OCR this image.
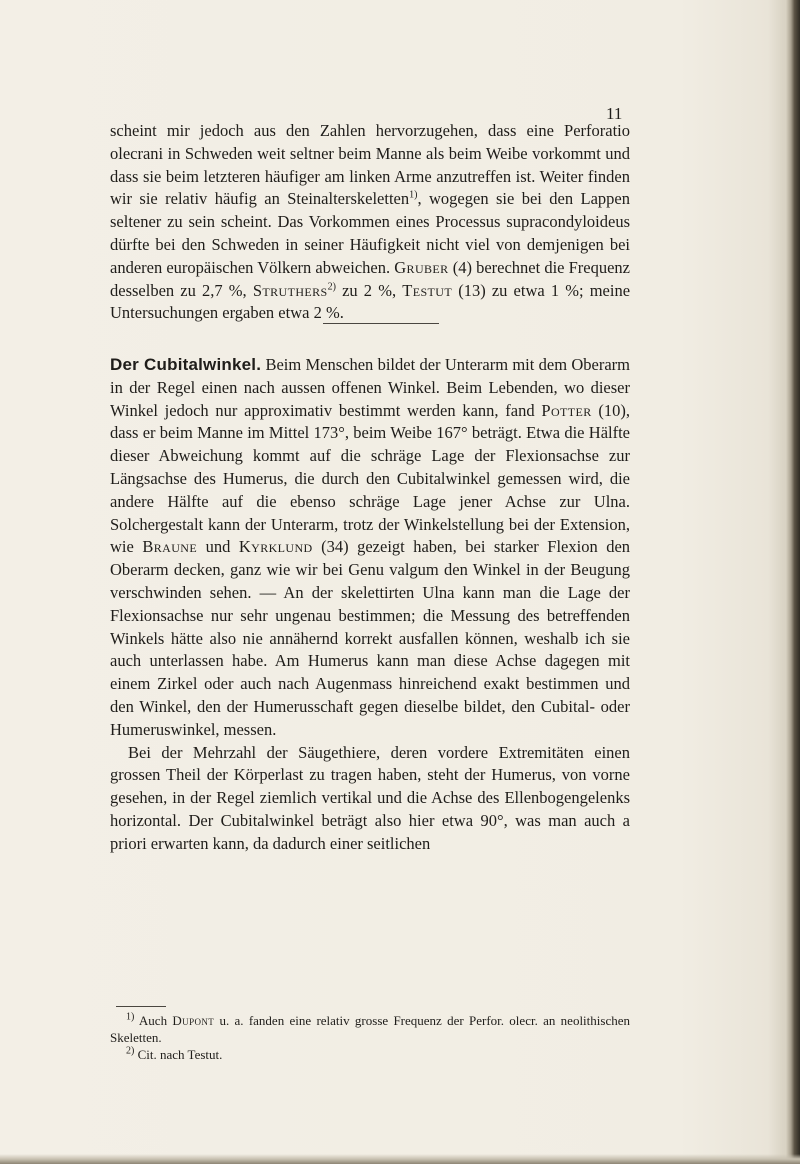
11

scheint mir jedoch aus den Zahlen hervorzugehen, dass eine Perforatio olecrani in Schweden weit seltner beim Manne als beim Weibe vorkommt und dass sie beim letzteren häufiger am linken Arme anzutreffen ist. Weiter finden wir sie relativ häufig an Steinalterskeletten$^{1)}$, wogegen sie bei den Lappen seltener zu sein scheint. Das Vorkommen eines Processus supracondyloideus dürfte bei den Schweden in seiner Häufigkeit nicht viel von demjenigen bei anderen europäischen Völkern abweichen. Gruber (4) berechnet die Frequenz desselben zu 2,7 %, Struthers$^{2)}$ zu 2 %, Testut (13) zu etwa 1 %; meine Untersuchungen ergaben etwa 2 %.

Der Cubitalwinkel. Beim Menschen bildet der Unterarm mit dem Oberarm in der Regel einen nach aussen offenen Winkel. Beim Lebenden, wo dieser Winkel jedoch nur approximativ bestimmt werden kann, fand Potter (10), dass er beim Manne im Mittel 173°, beim Weibe 167° beträgt. Etwa die Hälfte dieser Abweichung kommt auf die schräge Lage der Flexionsachse zur Längsachse des Humerus, die durch den Cubitalwinkel gemessen wird, die andere Hälfte auf die ebenso schräge Lage jener Achse zur Ulna. Solchergestalt kann der Unterarm, trotz der Winkelstellung bei der Extension, wie Braune und Kyrklund (34) gezeigt haben, bei starker Flexion den Oberarm decken, ganz wie wir bei Genu valgum den Winkel in der Beugung verschwinden sehen. — An der skelettirten Ulna kann man die Lage der Flexionsachse nur sehr ungenau bestimmen; die Messung des betreffenden Winkels hätte also nie annähernd korrekt ausfallen können, weshalb ich sie auch unterlassen habe. Am Humerus kann man diese Achse dagegen mit einem Zirkel oder auch nach Augenmass hinreichend exakt bestimmen und den Winkel, den der Humerusschaft gegen dieselbe bildet, den Cubital- oder Humeruswinkel, messen.

Bei der Mehrzahl der Säugethiere, deren vordere Extremitäten einen grossen Theil der Körperlast zu tragen haben, steht der Humerus, von vorne gesehen, in der Regel ziemlich vertikal und die Achse des Ellenbogengelenks horizontal. Der Cubitalwinkel beträgt also hier etwa 90°, was man auch a priori erwarten kann, da dadurch einer seitlichen

$^{1)}$ Auch Dupont u. a. fanden eine relativ grosse Frequenz der Perfor. olecr. an neolithischen Skeletten.

$^{2)}$ Cit. nach Testut.
